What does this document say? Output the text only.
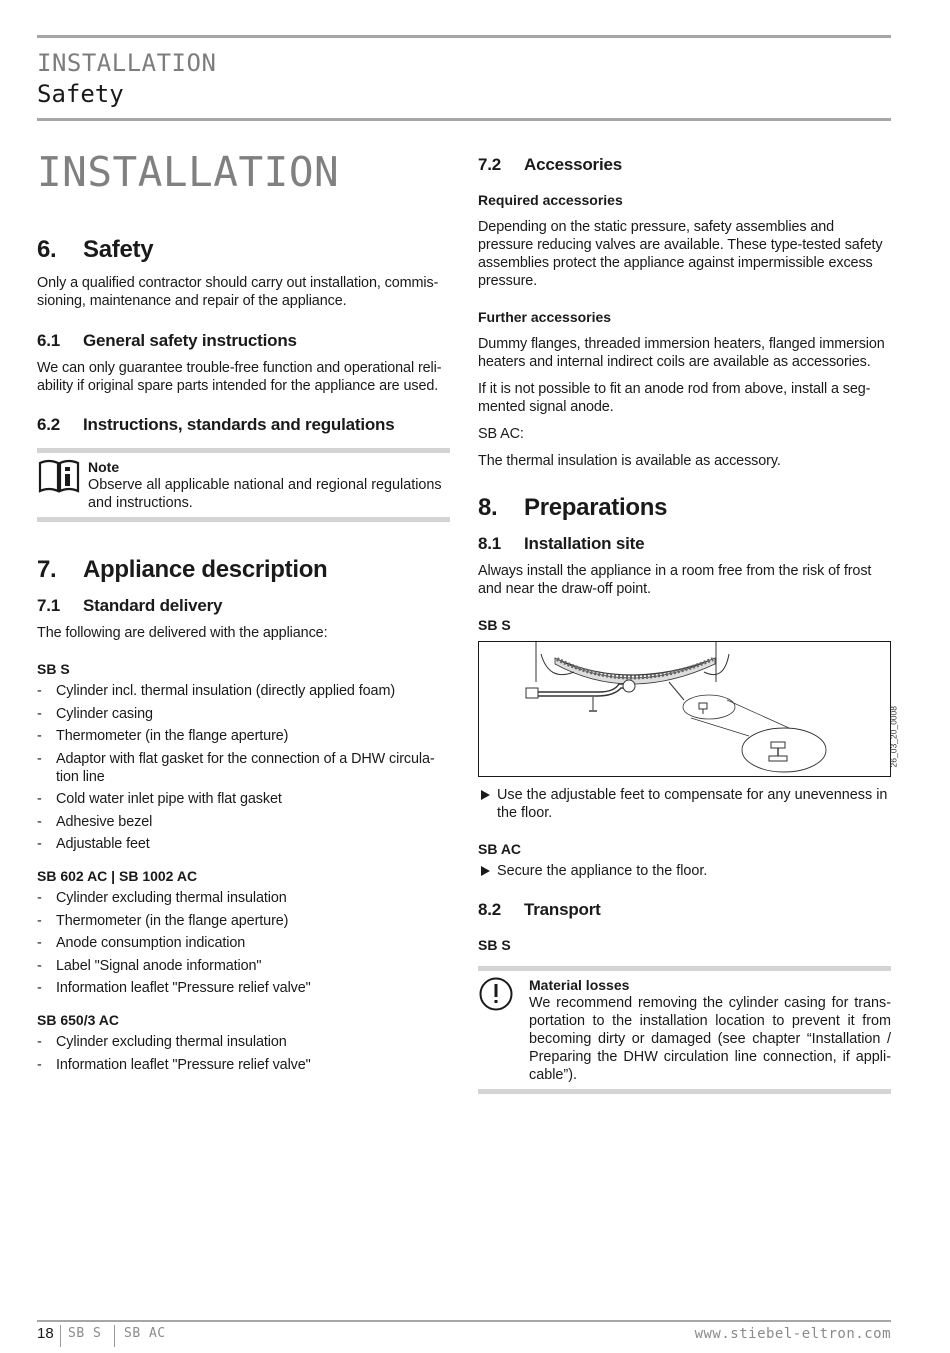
INSTALLATION
Safety
INSTALLATION
6.	Safety

Only a qualified contractor should carry out installation, commis-sioning, maintenance and repair of the appliance.

6.1	General safety instructions

We can only guarantee trouble-free function and operational reli-ability if original spare parts intended for the appliance are used.

6.2	Instructions, standards and regulations
Note
Observe all applicable national and regional regulations and instructions.
7.	Appliance description
7.1	Standard delivery

The following are delivered with the appliance:

SB S
- Cylinder incl. thermal insulation (directly applied foam)
- Cylinder casing
- Thermometer (in the flange aperture)
- Adaptor with flat gasket for the connection of a DHW circula-tion line
- Cold water inlet pipe with flat gasket
- Adhesive bezel
- Adjustable feet
SB 602 AC | SB 1002 AC
- Cylinder excluding thermal insulation
- Thermometer (in the flange aperture)
- Anode consumption indication
- Label "Signal anode information"
- Information leaflet "Pressure relief valve"
SB 650/3 AC
- Cylinder excluding thermal insulation
- Information leaflet "Pressure relief valve"
7.2	Accessories
Required accessories

Depending on the static pressure, safety assemblies and pressure reducing valves are available. These type-tested safety assemblies protect the appliance against impermissible excess pressure.

Further accessories

Dummy flanges, threaded immersion heaters, flanged immersion heaters and internal indirect coils are available as accessories.

If it is not possible to fit an anode rod from above, install a seg-mented signal anode.

SB AC:

The thermal insulation is available as accessory.

8.	Preparations
8.1	Installation site

Always install the appliance in a room free from the risk of frost and near the draw-off point.

SB S
26_03_20_0008
Use the adjustable feet to compensate for any unevenness in the floor.
SB AC
Secure the appliance to the floor.
8.2	Transport
SB S
Material losses
We recommend removing the cylinder casing for trans-portation to the installation location to prevent it from becoming dirty or damaged (see chapter “Installation / Preparing the DHW circulation line connection, if appli-cable”).
18 SB S SB AC	www.stiebel-eltron.com
